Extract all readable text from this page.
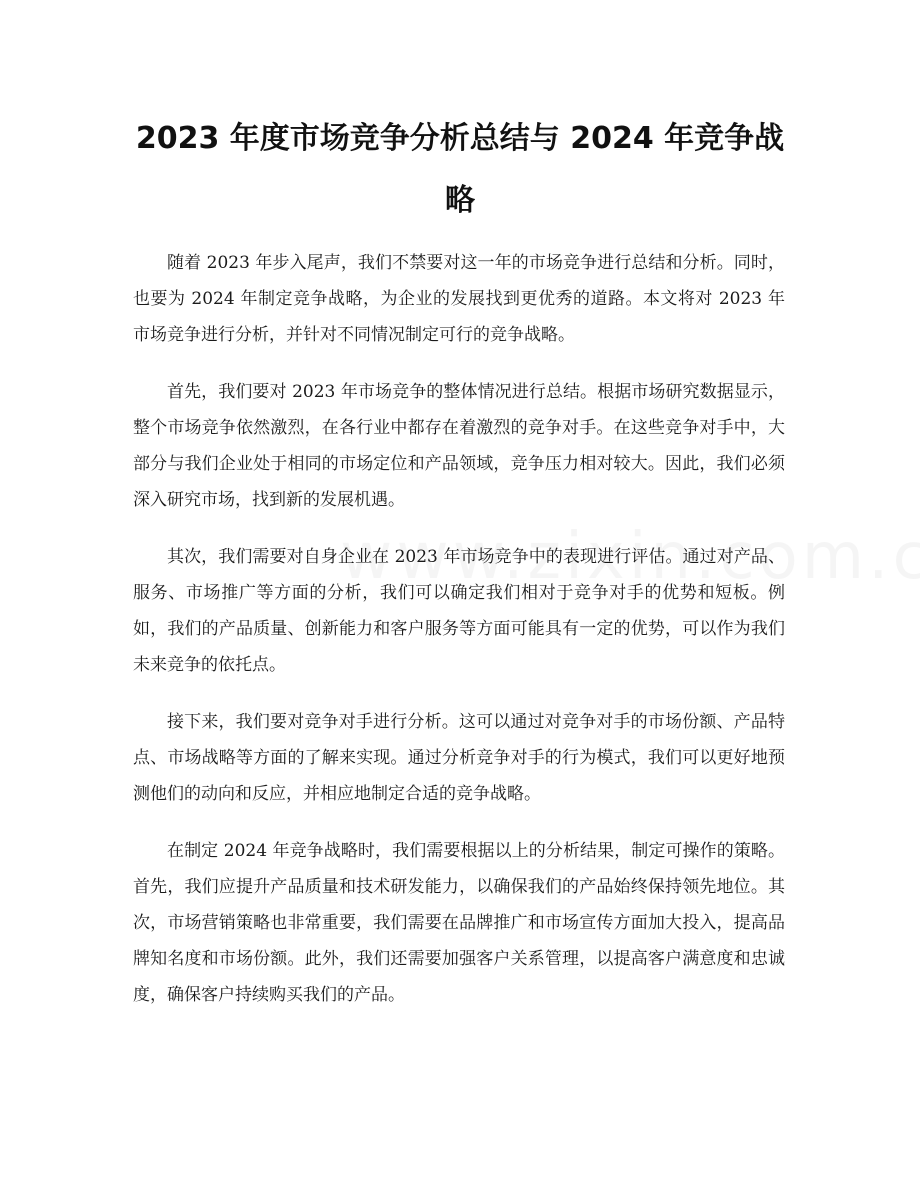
2023 年度市场竞争分析总结与 2024 年竞争战略

随着 2023 年步入尾声，我们不禁要对这一年的市场竞争进行总结和分析。同时，也要为 2024 年制定竞争战略，为企业的发展找到更优秀的道路。本文将对 2023 年市场竞争进行分析，并针对不同情况制定可行的竞争战略。

首先，我们要对 2023 年市场竞争的整体情况进行总结。根据市场研究数据显示，整个市场竞争依然激烈，在各行业中都存在着激烈的竞争对手。在这些竞争对手中，大部分与我们企业处于相同的市场定位和产品领域，竞争压力相对较大。因此，我们必须深入研究市场，找到新的发展机遇。

其次，我们需要对自身企业在 2023 年市场竞争中的表现进行评估。通过对产品、服务、市场推广等方面的分析，我们可以确定我们相对于竞争对手的优势和短板。例如，我们的产品质量、创新能力和客户服务等方面可能具有一定的优势，可以作为我们未来竞争的依托点。

接下来，我们要对竞争对手进行分析。这可以通过对竞争对手的市场份额、产品特点、市场战略等方面的了解来实现。通过分析竞争对手的行为模式，我们可以更好地预测他们的动向和反应，并相应地制定合适的竞争战略。

在制定 2024 年竞争战略时，我们需要根据以上的分析结果，制定可操作的策略。首先，我们应提升产品质量和技术研发能力，以确保我们的产品始终保持领先地位。其次，市场营销策略也非常重要，我们需要在品牌推广和市场宣传方面加大投入，提高品牌知名度和市场份额。此外，我们还需要加强客户关系管理，以提高客户满意度和忠诚度，确保客户持续购买我们的产品。
